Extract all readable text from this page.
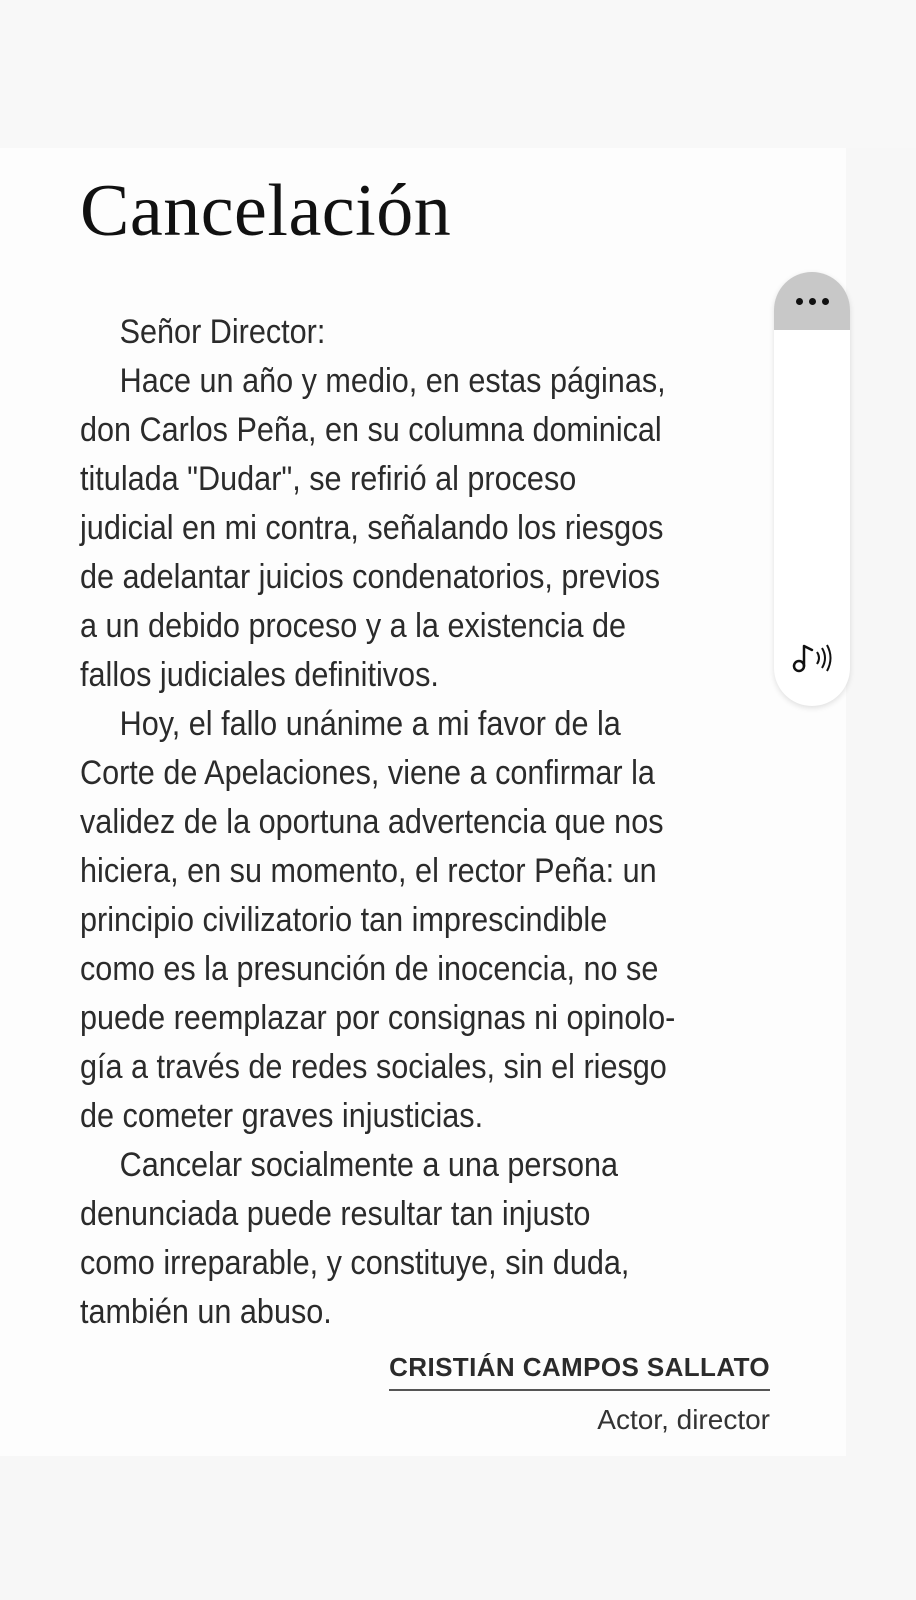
Cancelación
Señor Director:
Hace un año y medio, en estas páginas,
don Carlos Peña, en su columna dominical
titulada "Dudar", se refirió al proceso
judicial en mi contra, señalando los riesgos
de adelantar juicios condenatorios, previos
a un debido proceso y a la existencia de
fallos judiciales definitivos.
Hoy, el fallo unánime a mi favor de la
Corte de Apelaciones, viene a confirmar la
validez de la oportuna advertencia que nos
hiciera, en su momento, el rector Peña: un
principio civilizatorio tan imprescindible
como es la presunción de inocencia, no se
puede reemplazar por consignas ni opinolo-
gía a través de redes sociales, sin el riesgo
de cometer graves injusticias.
Cancelar socialmente a una persona
denunciada puede resultar tan injusto
como irreparable, y constituye, sin duda,
también un abuso.
CRISTIÁN CAMPOS SALLATO
Actor, director
